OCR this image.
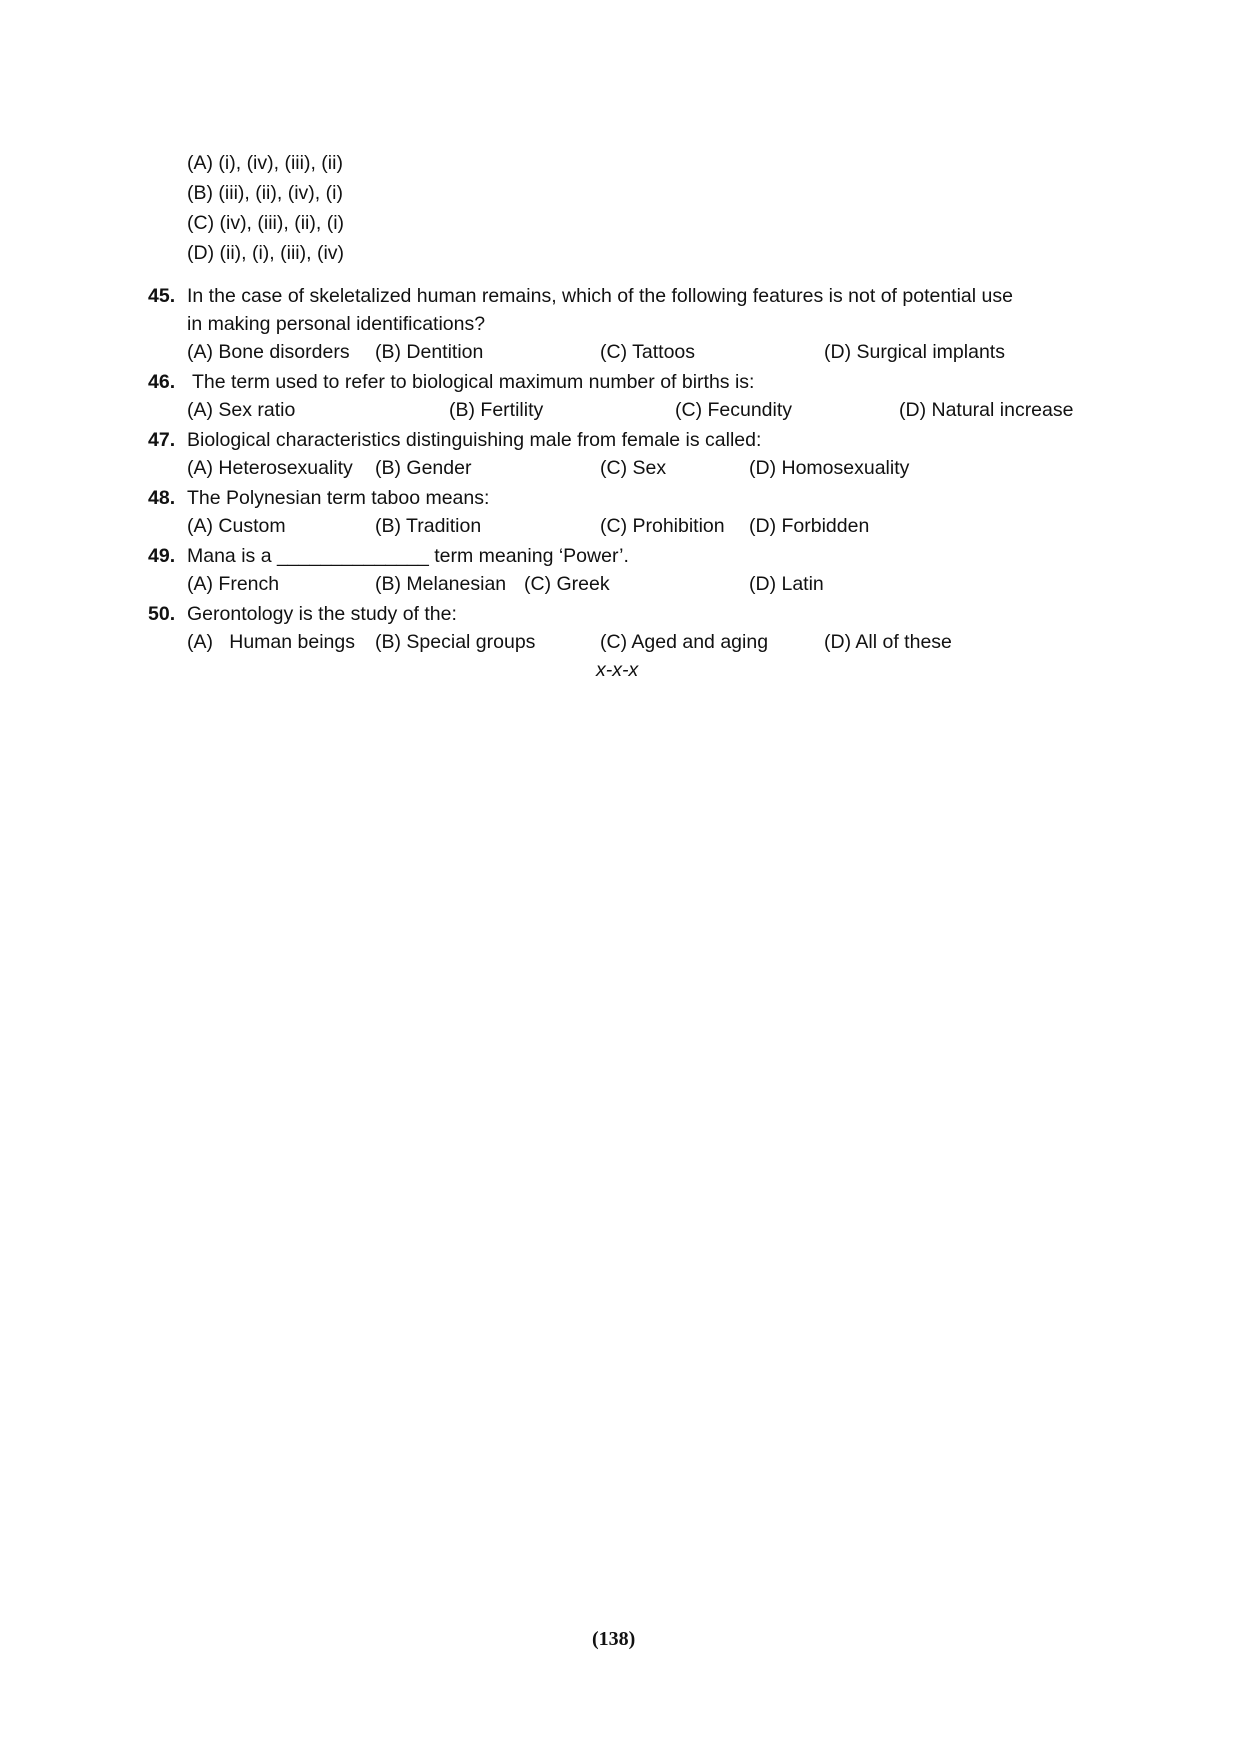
(A) (i), (iv), (iii), (ii)
(B) (iii), (ii), (iv), (i)
(C) (iv), (iii), (ii), (i)
(D) (ii), (i), (iii), (iv)
45. In the case of skeletalized human remains, which of the following features is not of potential use
in making personal identifications?
(A) Bone disorders (B) Dentition	(C) Tattoos	(D) Surgical implants
46. The term used to refer to biological maximum number of births is:
(A) Sex ratio	(B) Fertility	(C) Fecundity	(D) Natural increase
47. Biological characteristics distinguishing male from female is called:
(A) Heterosexuality (B) Gender	(C) Sex	(D) Homosexuality
48. The Polynesian term taboo means:
(A) Custom	(B) Tradition	(C) Prohibition (D) Forbidden
49. Mana is a ______________ term meaning ‘Power’.
(A) French	(B) Melanesian (C) Greek	(D) Latin
50. Gerontology is the study of the:
(A)   Human beings (B) Special groups	(C) Aged and aging	(D) All of these
x-x-x
(138)
